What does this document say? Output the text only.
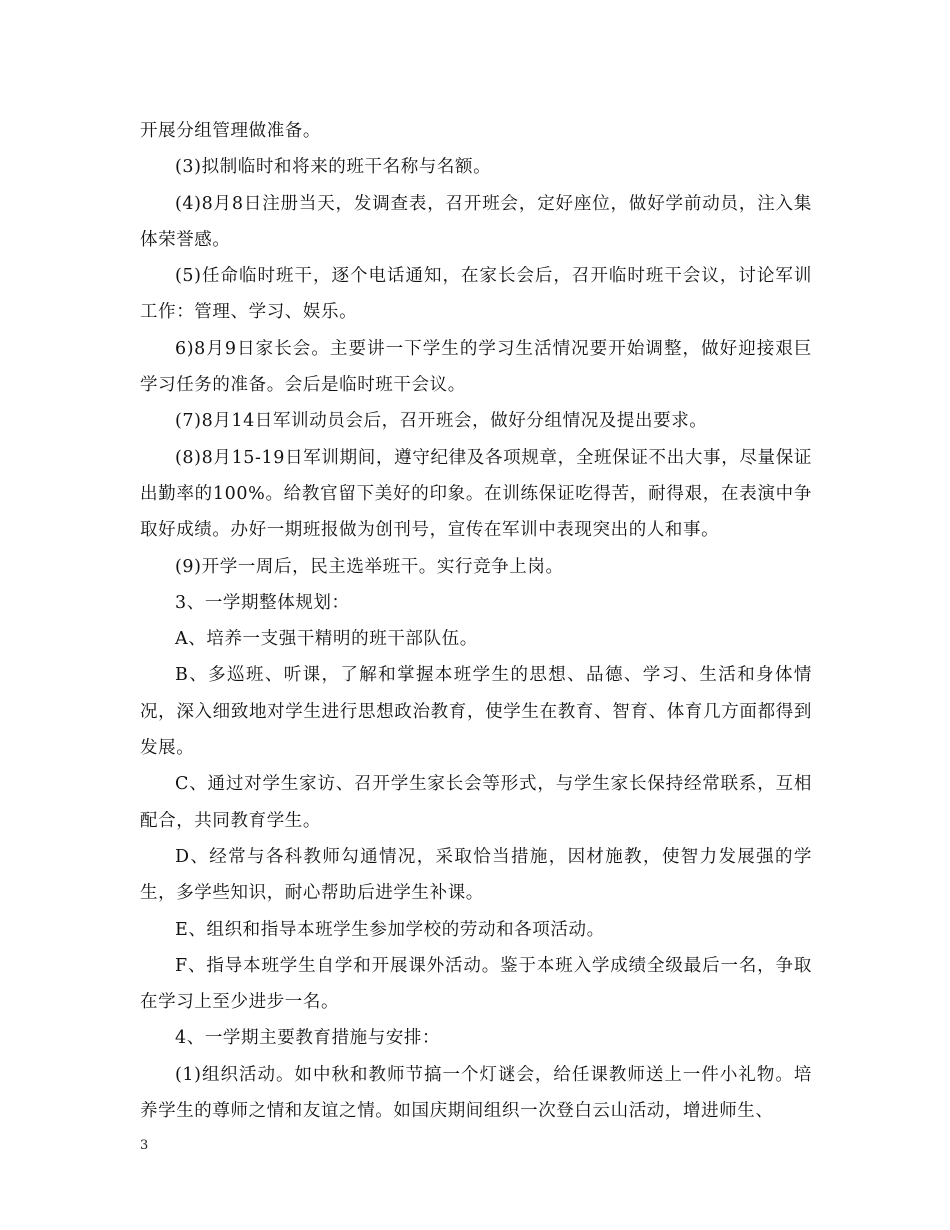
开展分组管理做准备。

(3)拟制临时和将来的班干名称与名额。

(4)8月8日注册当天，发调查表，召开班会，定好座位，做好学前动员，注入集体荣誉感。

(5)任命临时班干，逐个电话通知，在家长会后，召开临时班干会议，讨论军训工作：管理、学习、娱乐。

6)8月9日家长会。主要讲一下学生的学习生活情况要开始调整，做好迎接艰巨学习任务的准备。会后是临时班干会议。

(7)8月14日军训动员会后，召开班会，做好分组情况及提出要求。

(8)8月15-19日军训期间，遵守纪律及各项规章，全班保证不出大事，尽量保证出勤率的100%。给教官留下美好的印象。在训练保证吃得苦，耐得艰，在表演中争取好成绩。办好一期班报做为创刊号，宣传在军训中表现突出的人和事。

(9)开学一周后，民主选举班干。实行竞争上岗。

3、一学期整体规划：

A、培养一支强干精明的班干部队伍。

B、多巡班、听课，了解和掌握本班学生的思想、品德、学习、生活和身体情况，深入细致地对学生进行思想政治教育，使学生在教育、智育、体育几方面都得到发展。

C、通过对学生家访、召开学生家长会等形式，与学生家长保持经常联系，互相配合，共同教育学生。

D、经常与各科教师勾通情况，采取恰当措施，因材施教，使智力发展强的学生，多学些知识，耐心帮助后进学生补课。

E、组织和指导本班学生参加学校的劳动和各项活动。

F、指导本班学生自学和开展课外活动。鉴于本班入学成绩全级最后一名，争取在学习上至少进步一名。

4、一学期主要教育措施与安排：

(1)组织活动。如中秋和教师节搞一个灯谜会，给任课教师送上一件小礼物。培养学生的尊师之情和友谊之情。如国庆期间组织一次登白云山活动，增进师生、

3
